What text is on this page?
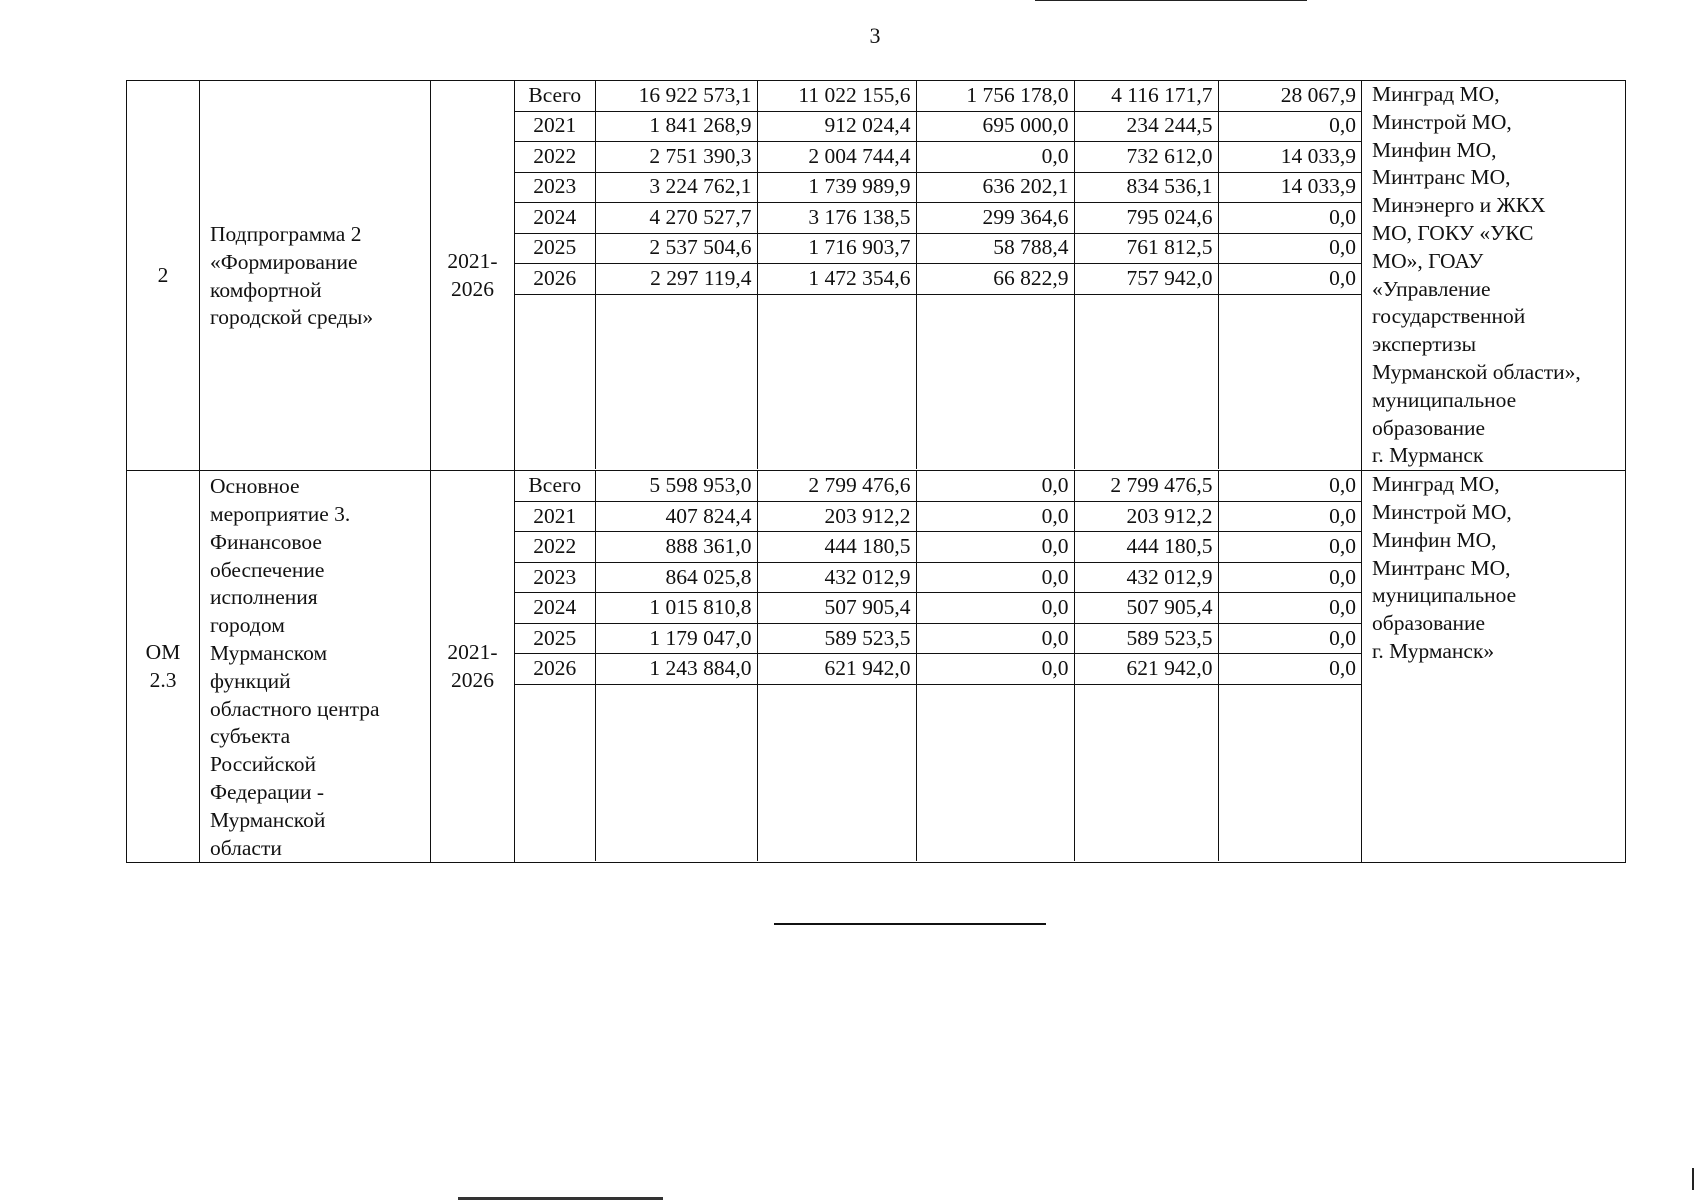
3
2

Подпрограмма 2
«Формирование
комфортной
городской среды»

2021-
2026

Всего	16 922 573,1	11 022 155,6	1 756 178,0	4 116 171,7	28 067,9
2021	1 841 268,9	912 024,4	695 000,0	234 244,5	0,0
2022	2 751 390,3	2 004 744,4	0,0	732 612,0	14 033,9
2023	3 224 762,1	1 739 989,9	636 202,1	834 536,1	14 033,9
2024	4 270 527,7	3 176 138,5	299 364,6	795 024,6	0,0
2025	2 537 504,6	1 716 903,7	58 788,4	761 812,5	0,0
2026	2 297 119,4	1 472 354,6	66 822,9	757 942,0	0,0

Минград МО,
Минстрой МО,
Минфин МО,
Минтранс МО,
Минэнерго и ЖКХ
МО, ГОКУ «УКС
МО», ГОАУ
«Управление
государственной
экспертизы
Мурманской области»,
муниципальное
образование
г. Мурманск

ОМ
2.3

Основное
мероприятие 3.
Финансовое
обеспечение
исполнения
городом
Мурманском
функций
областного центра
субъекта
Российской
Федерации -
Мурманской
области

2021-
2026

Всего	5 598 953,0	2 799 476,6	0,0	2 799 476,5	0,0
2021	407 824,4	203 912,2	0,0	203 912,2	0,0
2022	888 361,0	444 180,5	0,0	444 180,5	0,0
2023	864 025,8	432 012,9	0,0	432 012,9	0,0
2024	1 015 810,8	507 905,4	0,0	507 905,4	0,0
2025	1 179 047,0	589 523,5	0,0	589 523,5	0,0
2026	1 243 884,0	621 942,0	0,0	621 942,0	0,0

Минград МО,
Минстрой МО,
Минфин МО,
Минтранс МО,
муниципальное
образование
г. Мурманск»
